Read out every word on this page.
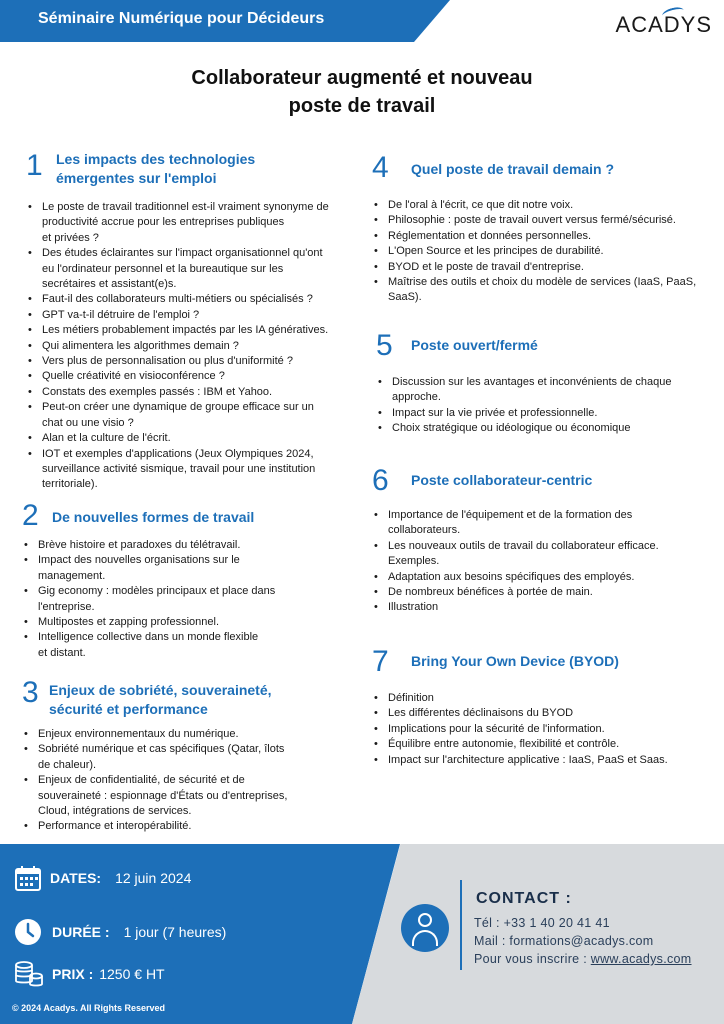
Séminaire Numérique pour Décideurs	ACADYS
Collaborateur augmenté et nouveau
poste de travail
1 Les impacts des technologies
émergentes sur l'emploi
• Le poste de travail traditionnel est-il vraiment synonyme de
productivité accrue pour les entreprises publiques
et privées ?
• Des études éclairantes sur l'impact organisationnel qu'ont
eu l'ordinateur personnel et la bureautique sur les
secrétaires et assistant(e)s.
• Faut-il des collaborateurs multi-métiers ou spécialisés ?
• GPT va-t-il détruire de l'emploi ?
• Les métiers probablement impactés par les IA génératives.
• Qui alimentera les algorithmes demain ?
• Vers plus de personnalisation ou plus d'uniformité ?
• Quelle créativité en visioconférence ?
• Constats des exemples passés : IBM et Yahoo.
• Peut-on créer une dynamique de groupe efficace sur un
chat ou une visio ?
• Alan et la culture de l'écrit.
• IOT et exemples d'applications (Jeux Olympiques 2024,
surveillance activité sismique, travail pour une institution
territoriale).
2 De nouvelles formes de travail
• Brève histoire et paradoxes du télétravail.
• Impact des nouvelles organisations sur le
management.
• Gig economy : modèles principaux et place dans
l'entreprise.
• Multipostes et zapping professionnel.
• Intelligence collective dans un monde flexible
et distant.
3 Enjeux de sobriété, souveraineté,
sécurité et performance
• Enjeux environnementaux du numérique.
• Sobriété numérique et cas spécifiques (Qatar, îlots
de chaleur).
• Enjeux de confidentialité, de sécurité et de
souveraineté : espionnage d'États ou d'entreprises,
Cloud, intégrations de services.
• Performance et interopérabilité.
4 Quel poste de travail demain ?
• De l'oral à l'écrit, ce que dit notre voix.
• Philosophie : poste de travail ouvert versus fermé/sécurisé.
• Réglementation et données personnelles.
• L'Open Source et les principes de durabilité.
• BYOD et le poste de travail d'entreprise.
• Maîtrise des outils et choix du modèle de services (IaaS, PaaS,
SaaS).
5 Poste ouvert/fermé
• Discussion sur les avantages et inconvénients de chaque
approche.
• Impact sur la vie privée et professionnelle.
• Choix stratégique ou idéologique ou économique
6 Poste collaborateur-centric
• Importance de l'équipement et de la formation des
collaborateurs.
• Les nouveaux outils de travail du collaborateur efficace.
Exemples.
• Adaptation aux besoins spécifiques des employés.
• De nombreux bénéfices à portée de main.
• Illustration
7 Bring Your Own Device (BYOD)
• Définition
• Les différentes déclinaisons du BYOD
• Implications pour la sécurité de l'information.
• Équilibre entre autonomie, flexibilité et contrôle.
• Impact sur l'architecture applicative : IaaS, PaaS et Saas.
DATES: 12 juin 2024
DURÉE : 1 jour (7 heures)
PRIX : 1250 € HT
© 2024 Acadys. All Rights Reserved
CONTACT :
Tél : +33 1 40 20 41 41
Mail : formations@acadys.com
Pour vous inscrire : www.acadys.com
